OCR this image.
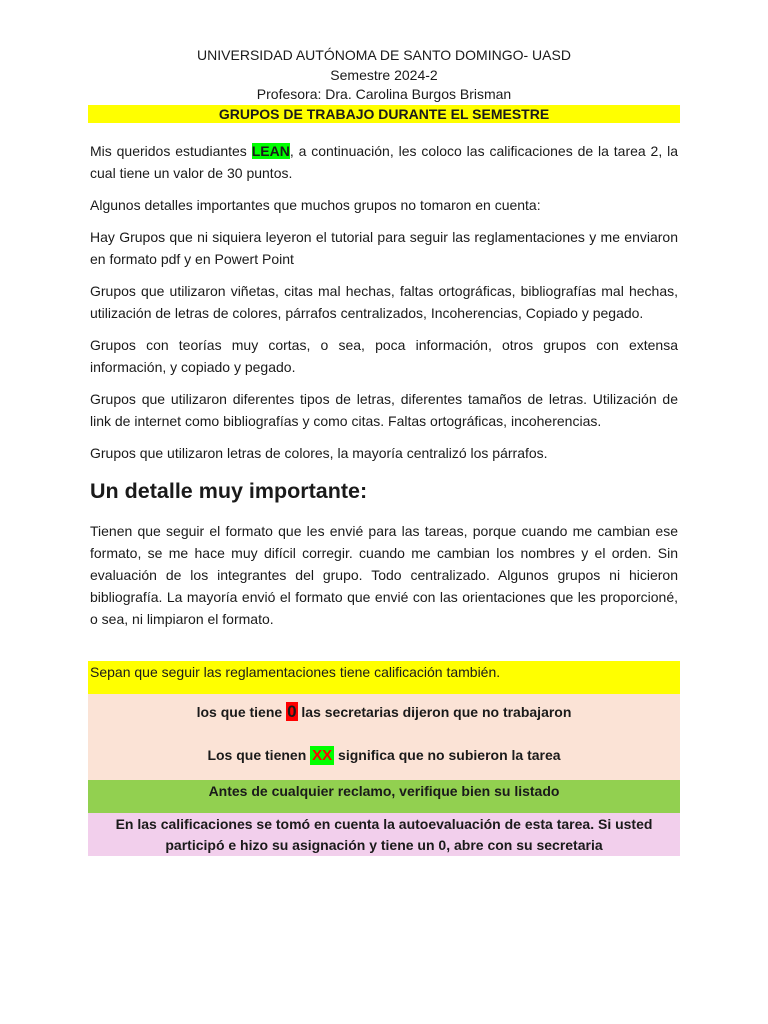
UNIVERSIDAD AUTÓNOMA DE SANTO DOMINGO- UASD
Semestre 2024-2
Profesora: Dra. Carolina Burgos Brisman
GRUPOS DE TRABAJO DURANTE EL SEMESTRE

Mis queridos estudiantes LEAN, a continuación, les coloco las calificaciones de la tarea 2, la cual tiene un valor de 30 puntos.

Algunos detalles importantes que muchos grupos no tomaron en cuenta:

Hay Grupos que ni siquiera leyeron el tutorial para seguir las reglamentaciones y me enviaron en formato pdf y en Powert Point

Grupos que utilizaron viñetas, citas mal hechas, faltas ortográficas, bibliografías mal hechas, utilización de letras de colores, párrafos centralizados, Incoherencias, Copiado y pegado.

Grupos con teorías muy cortas, o sea, poca información, otros grupos con extensa información, y copiado y pegado.

Grupos que utilizaron diferentes tipos de letras, diferentes tamaños de letras. Utilización de link de internet como bibliografías y como citas. Faltas ortográficas, incoherencias.

Grupos que utilizaron letras de colores, la mayoría centralizó los párrafos.

Un detalle muy importante:

Tienen que seguir el formato que les envié para las tareas, porque cuando me cambian ese formato, se me hace muy difícil corregir. cuando me cambian los nombres y el orden. Sin evaluación de los integrantes del grupo. Todo centralizado. Algunos grupos ni hicieron bibliografía. La mayoría envió el formato que envié con las orientaciones que les proporcioné, o sea, ni limpiaron el formato.

Sepan que seguir las reglamentaciones tiene calificación también.
los que tiene 0 las secretarias dijeron que no trabajaron
Los que tienen XX significa que no subieron la tarea
Antes de cualquier reclamo, verifique bien su listado
En las calificaciones se tomó en cuenta la autoevaluación de esta tarea. Si usted participó e hizo su asignación y tiene un 0, abre con su secretaria
